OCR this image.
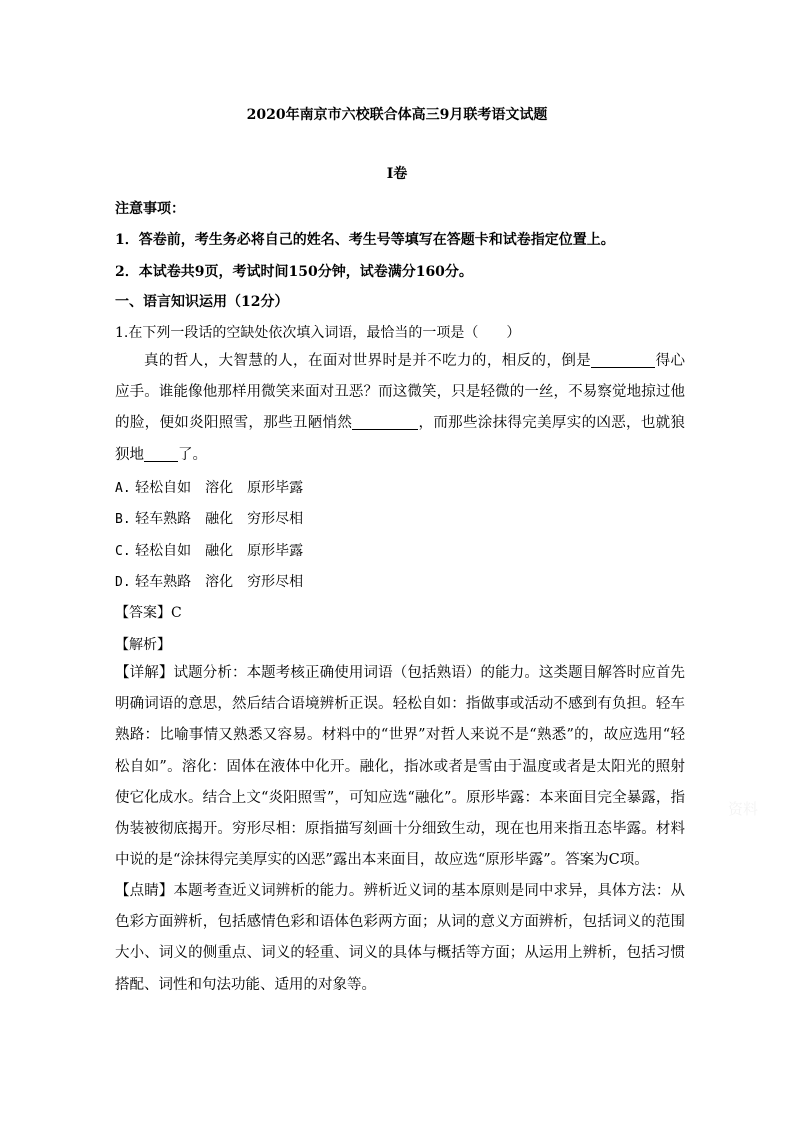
2020年南京市六校联合体高三9月联考语文试题
Ⅰ卷
注意事项：
1．答卷前，考生务必将自己的姓名、考生号等填写在答题卡和试卷指定位置上。
2．本试卷共9页，考试时间150分钟，试卷满分160分。
一、语言知识运用（12分）
1.在下列一段话的空缺处依次填入词语，最恰当的一项是（　　）
真的哲人，大智慧的人，在面对世界时是并不吃力的，相反的，倒是	得心应手。谁能像他那样用微笑来面对丑恶？而这微笑，只是轻微的一丝，不易察觉地掠过他的脸，便如炎阳照雪，那些丑陋悄然	，而那些涂抹得完美厚实的凶恶，也就狼狈地 了。
A. 轻松自如　溶化　原形毕露
B. 轻车熟路　融化　穷形尽相
C. 轻松自如　融化　原形毕露
D. 轻车熟路　溶化　穷形尽相
【答案】C
【解析】
【详解】试题分析：本题考核正确使用词语（包括熟语）的能力。这类题目解答时应首先明确词语的意思，然后结合语境辨析正误。轻松自如：指做事或活动不感到有负担。轻车熟路：比喻事情又熟悉又容易。材料中的“世界”对哲人来说不是“熟悉”的，故应选用“轻松自如”。溶化：固体在液体中化开。融化，指冰或者是雪由于温度或者是太阳光的照射使它化成水。结合上文“炎阳照雪”，可知应选“融化”。原形毕露：本来面目完全暴露，指伪装被彻底揭开。穷形尽相：原指描写刻画十分细致生动，现在也用来指丑态毕露。材料中说的是“涂抹得完美厚实的凶恶”露出本来面目，故应选“原形毕露”。答案为C项。
【点睛】本题考查近义词辨析的能力。辨析近义词的基本原则是同中求异，具体方法：从色彩方面辨析，包括感情色彩和语体色彩两方面；从词的意义方面辨析，包括词义的范围大小、词义的侧重点、词义的轻重、词义的具体与概括等方面；从运用上辨析，包括习惯搭配、词性和句法功能、适用的对象等。
资料
